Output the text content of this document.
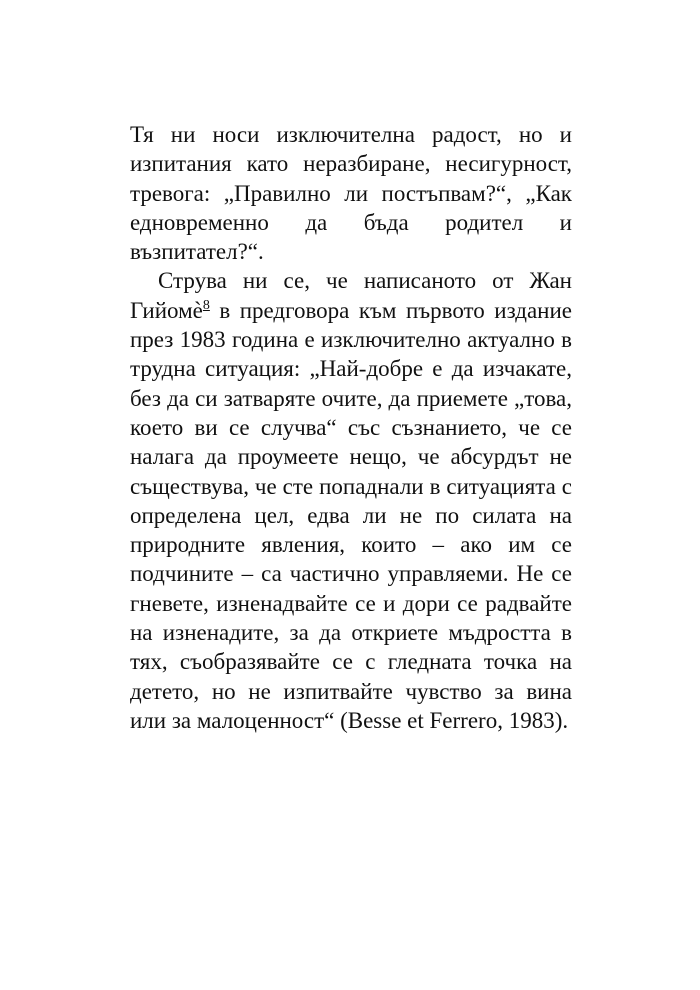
Тя ни носи изключителна радост, но и изпитания като неразбиране, несигурност, тревога: „Правилно ли постъпвам?“, „Как едновременно да бъда родител и възпитател?“.

Струва ни се, че написаното от Жан Гийомѐ$^8$ в предговора към първото издание през 1983 година е изключително актуално в трудна ситуация: „Най-добре е да изчакате, без да си затваряте очите, да приемете „това, което ви се случва“ със съзнанието, че се налага да проумеете нещо, че абсурдът не съществува, че сте попаднали в ситуацията с определена цел, едва ли не по силата на природните явления, които – ако им се подчините – са частично управляеми. Не се гневете, изненадвайте се и дори се радвайте на изненадите, за да откриете мъдростта в тях, съобразявайте се с гледната точка на детето, но не изпитвайте чувство за вина или за малоценност“ (Besse et Ferrero, 1983).
